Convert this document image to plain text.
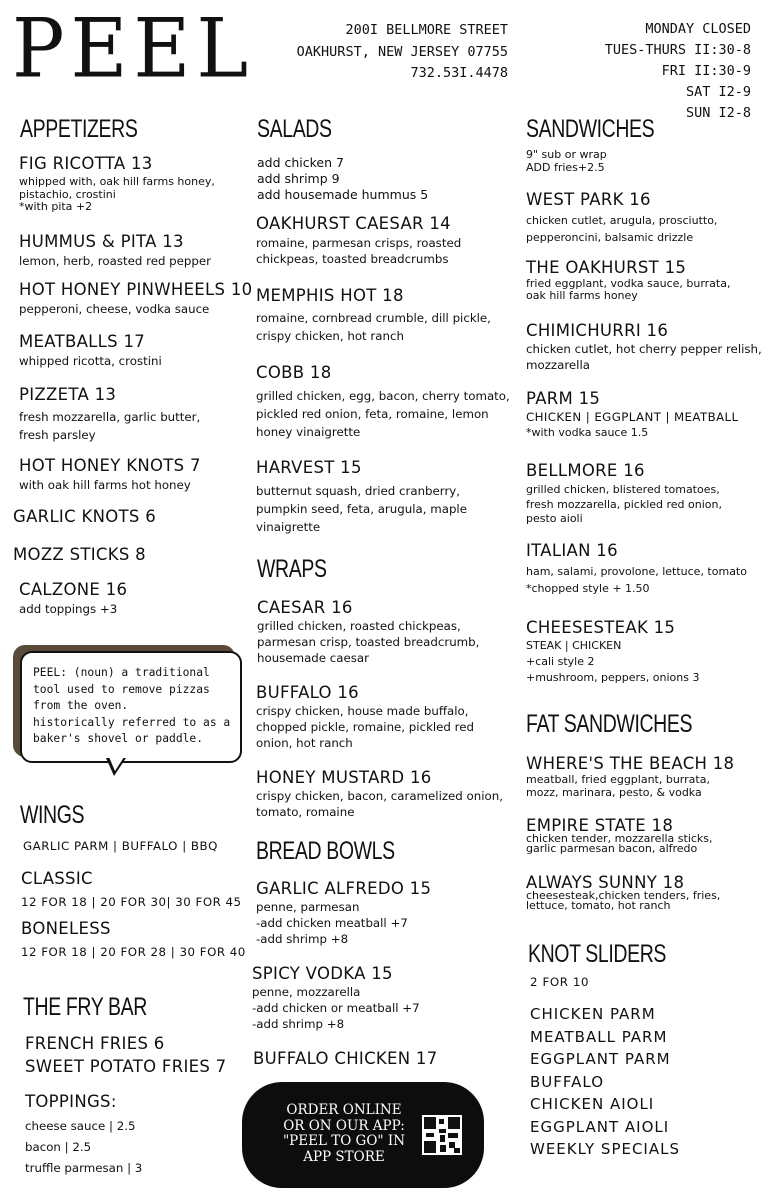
PEEL	200I BELLMORE STREET
OAKHURST, NEW JERSEY 07755
732.53I.4478
MONDAY CLOSED
TUES-THURS II:30-8
FRI II:30-9
SAT I2-9
SUN I2-8
APPETIZERS
FIG RICOTTA 13
whipped with, oak hill farms honey,
pistachio, crostini
*with pita +2
HUMMUS & PITA 13
lemon, herb, roasted red pepper
HOT HONEY PINWHEELS 10
pepperoni, cheese, vodka sauce
MEATBALLS 17
whipped ricotta, crostini
PIZZETA 13
fresh mozzarella, garlic butter,
fresh parsley
HOT HONEY KNOTS 7
with oak hill farms hot honey
GARLIC KNOTS 6
MOZZ STICKS 8
CALZONE 16
add toppings +3
PEEL: (noun) a traditional
tool used to remove pizzas
from the oven.
historically referred to as a
baker's shovel or paddle.
WINGS
GARLIC PARM | BUFFALO | BBQ
CLASSIC
12 FOR 18 | 20 FOR 30| 30 FOR 45
BONELESS
12 FOR 18 | 20 FOR 28 | 30 FOR 40
THE FRY BAR
FRENCH FRIES 6
SWEET POTATO FRIES 7
TOPPINGS:
cheese sauce | 2.5
bacon | 2.5
truffle parmesan | 3
SALADS
add chicken 7
add shrimp 9
add housemade hummus 5
OAKHURST CAESAR 14
romaine, parmesan crisps, roasted
chickpeas, toasted breadcrumbs
MEMPHIS HOT 18
romaine, cornbread crumble, dill pickle,
crispy chicken, hot ranch
COBB 18
grilled chicken, egg, bacon, cherry tomato,
pickled red onion, feta, romaine, lemon
honey vinaigrette
HARVEST 15
butternut squash, dried cranberry,
pumpkin seed, feta, arugula, maple
vinaigrette
WRAPS
CAESAR 16
grilled chicken, roasted chickpeas,
parmesan crisp, toasted breadcrumb,
housemade caesar
BUFFALO 16
crispy chicken, house made buffalo,
chopped pickle, romaine, pickled red
onion, hot ranch
HONEY MUSTARD 16
crispy chicken, bacon, caramelized onion,
tomato, romaine
BREAD BOWLS
GARLIC ALFREDO 15
penne, parmesan
-add chicken meatball +7
-add shrimp +8
SPICY VODKA 15
penne, mozzarella
-add chicken or meatball +7
-add shrimp +8
BUFFALO CHICKEN 17
ORDER ONLINE OR ON OUR APP: "PEEL TO GO" IN APP STORE
SANDWICHES
9" sub or wrap
ADD fries+2.5
WEST PARK 16
chicken cutlet, arugula, prosciutto,
pepperoncini, balsamic drizzle
THE OAKHURST 15
fried eggplant, vodka sauce, burrata,
oak hill farms honey
CHIMICHURRI 16
chicken cutlet, hot cherry pepper relish,
mozzarella
PARM 15
CHICKEN | EGGPLANT | MEATBALL
*with vodka sauce 1.5
BELLMORE 16
grilled chicken, blistered tomatoes,
fresh mozzarella, pickled red onion,
pesto aioli
ITALIAN 16
ham, salami, provolone, lettuce, tomato
*chopped style + 1.50
CHEESESTEAK 15
STEAK | CHICKEN
+cali style 2
+mushroom, peppers, onions 3
FAT SANDWICHES
WHERE'S THE BEACH 18
meatball, fried eggplant, burrata,
mozz, marinara, pesto, & vodka
EMPIRE STATE 18
chicken tender, mozzarella sticks,
garlic parmesan bacon, alfredo
ALWAYS SUNNY 18
cheesesteak,chicken tenders, fries,
lettuce, tomato, hot ranch
KNOT SLIDERS
2 FOR 10
CHICKEN PARM
MEATBALL PARM
EGGPLANT PARM
BUFFALO
CHICKEN AIOLI
EGGPLANT AIOLI
WEEKLY SPECIALS
